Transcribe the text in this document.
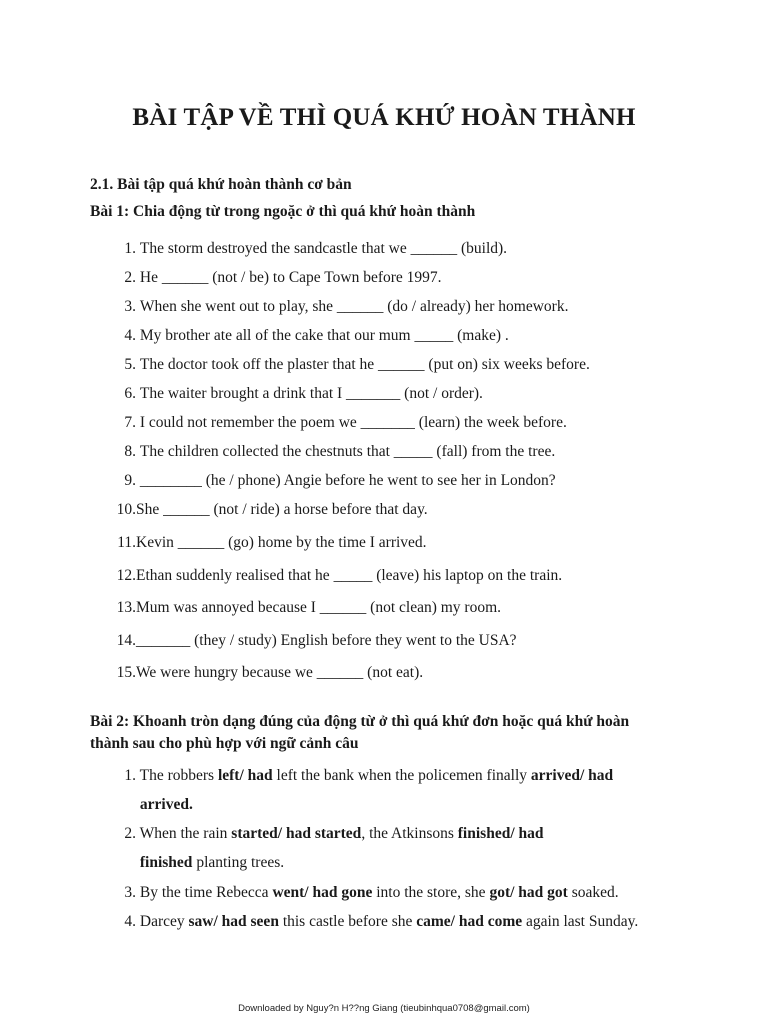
BÀI TẬP VỀ THÌ QUÁ KHỨ HOÀN THÀNH
2.1. Bài tập quá khứ hoàn thành cơ bản
Bài 1: Chia động từ trong ngoặc ở thì quá khứ hoàn thành
1. The storm destroyed the sandcastle that we ______ (build).
2. He ______ (not / be) to Cape Town before 1997.
3. When she went out to play, she ______ (do / already) her homework.
4. My brother ate all of the cake that our mum _____ (make) .
5. The doctor took off the plaster that he ______ (put on) six weeks before.
6. The waiter brought a drink that I _______ (not / order).
7. I could not remember the poem we _______ (learn) the week before.
8. The children collected the chestnuts that _____ (fall) from the tree.
9. ________ (he / phone) Angie before he went to see her in London?
10.She ______ (not / ride) a horse before that day.
11.Kevin ______ (go) home by the time I arrived.
12.Ethan suddenly realised that he _____ (leave) his laptop on the train.
13.Mum was annoyed because I ______ (not clean) my room.
14._______ (they / study) English before they went to the USA?
15.We were hungry because we ______ (not eat).
Bài 2: Khoanh tròn dạng đúng của động từ ở thì quá khứ đơn hoặc quá khứ hoàn
thành sau cho phù hợp với ngữ cảnh câu
1. The robbers left/ had left the bank when the policemen finally arrived/ had
arrived.
2. When the rain started/ had started, the Atkinsons finished/ had
finished planting trees.
3. By the time Rebecca went/ had gone into the store, she got/ had got soaked.
4. Darcey saw/ had seen this castle before she came/ had come again last Sunday.
Downloaded by Nguy?n H??ng Giang (tieubinhqua0708@gmail.com)
